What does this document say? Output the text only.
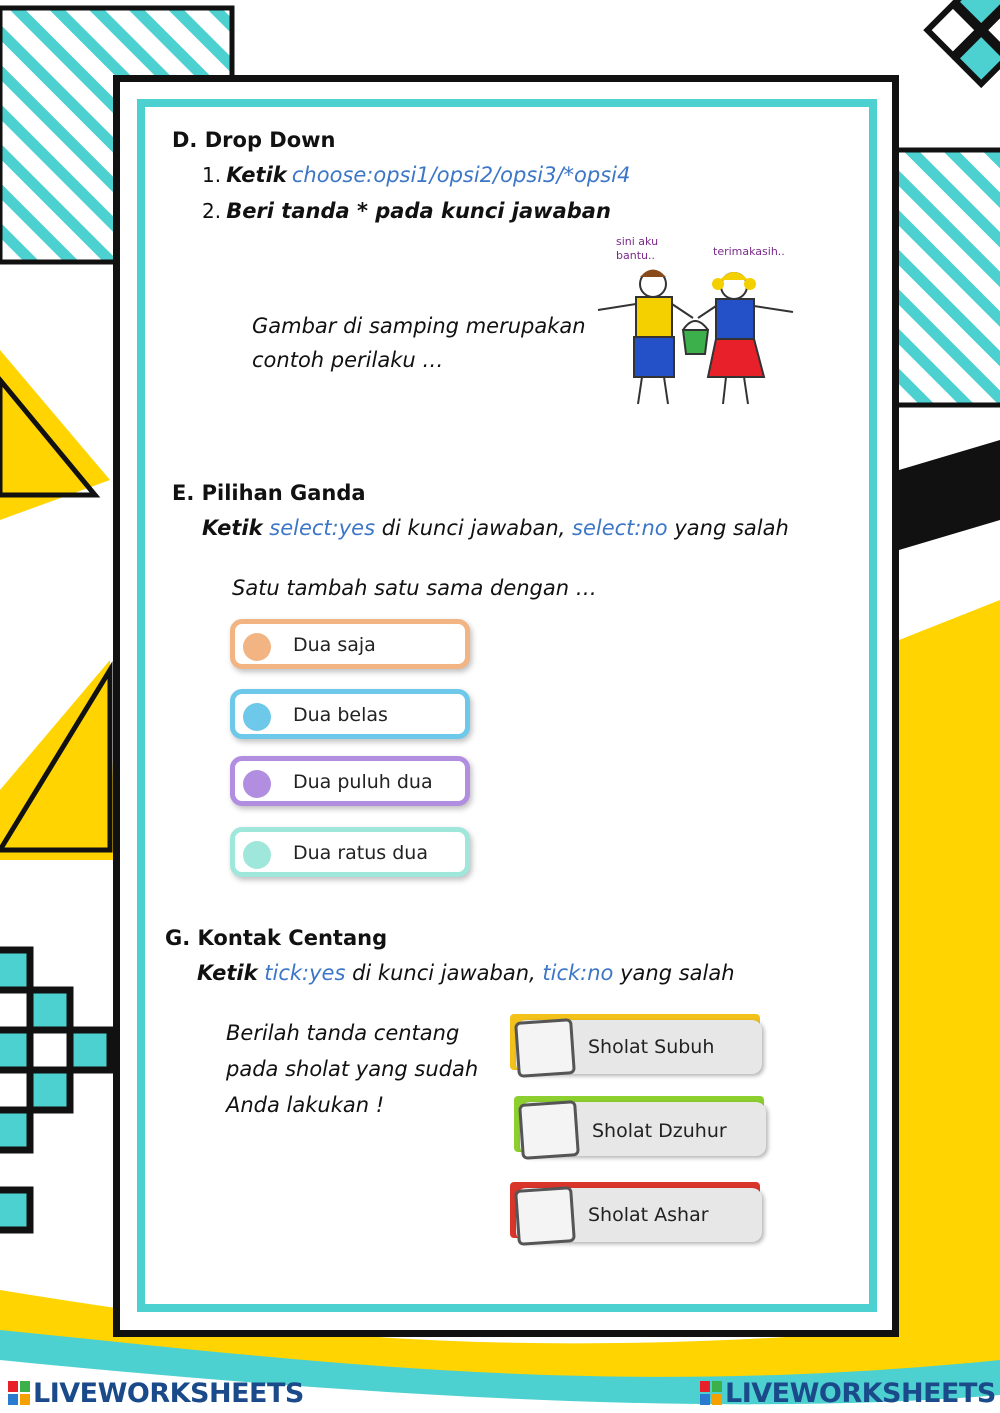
D. Drop Down
1. Ketik choose:opsi1/opsi2/opsi3/*opsi4
2. Beri tanda * pada kunci jawaban
Gambar di samping merupakan
contoh perilaku …
sini aku
bantu..	terimakasih..
E. Pilihan Ganda
Ketik select:yes di kunci jawaban, select:no yang salah
Satu tambah satu sama dengan …
Dua saja
Dua belas
Dua puluh dua
Dua ratus dua
G. Kontak Centang
Ketik tick:yes di kunci jawaban, tick:no yang salah
Berilah tanda centang
pada sholat yang sudah
Anda lakukan !
Sholat Subuh
Sholat Dzuhur
Sholat Ashar
LIVEWORKSHEETS	LIVEWORKSHEETS
